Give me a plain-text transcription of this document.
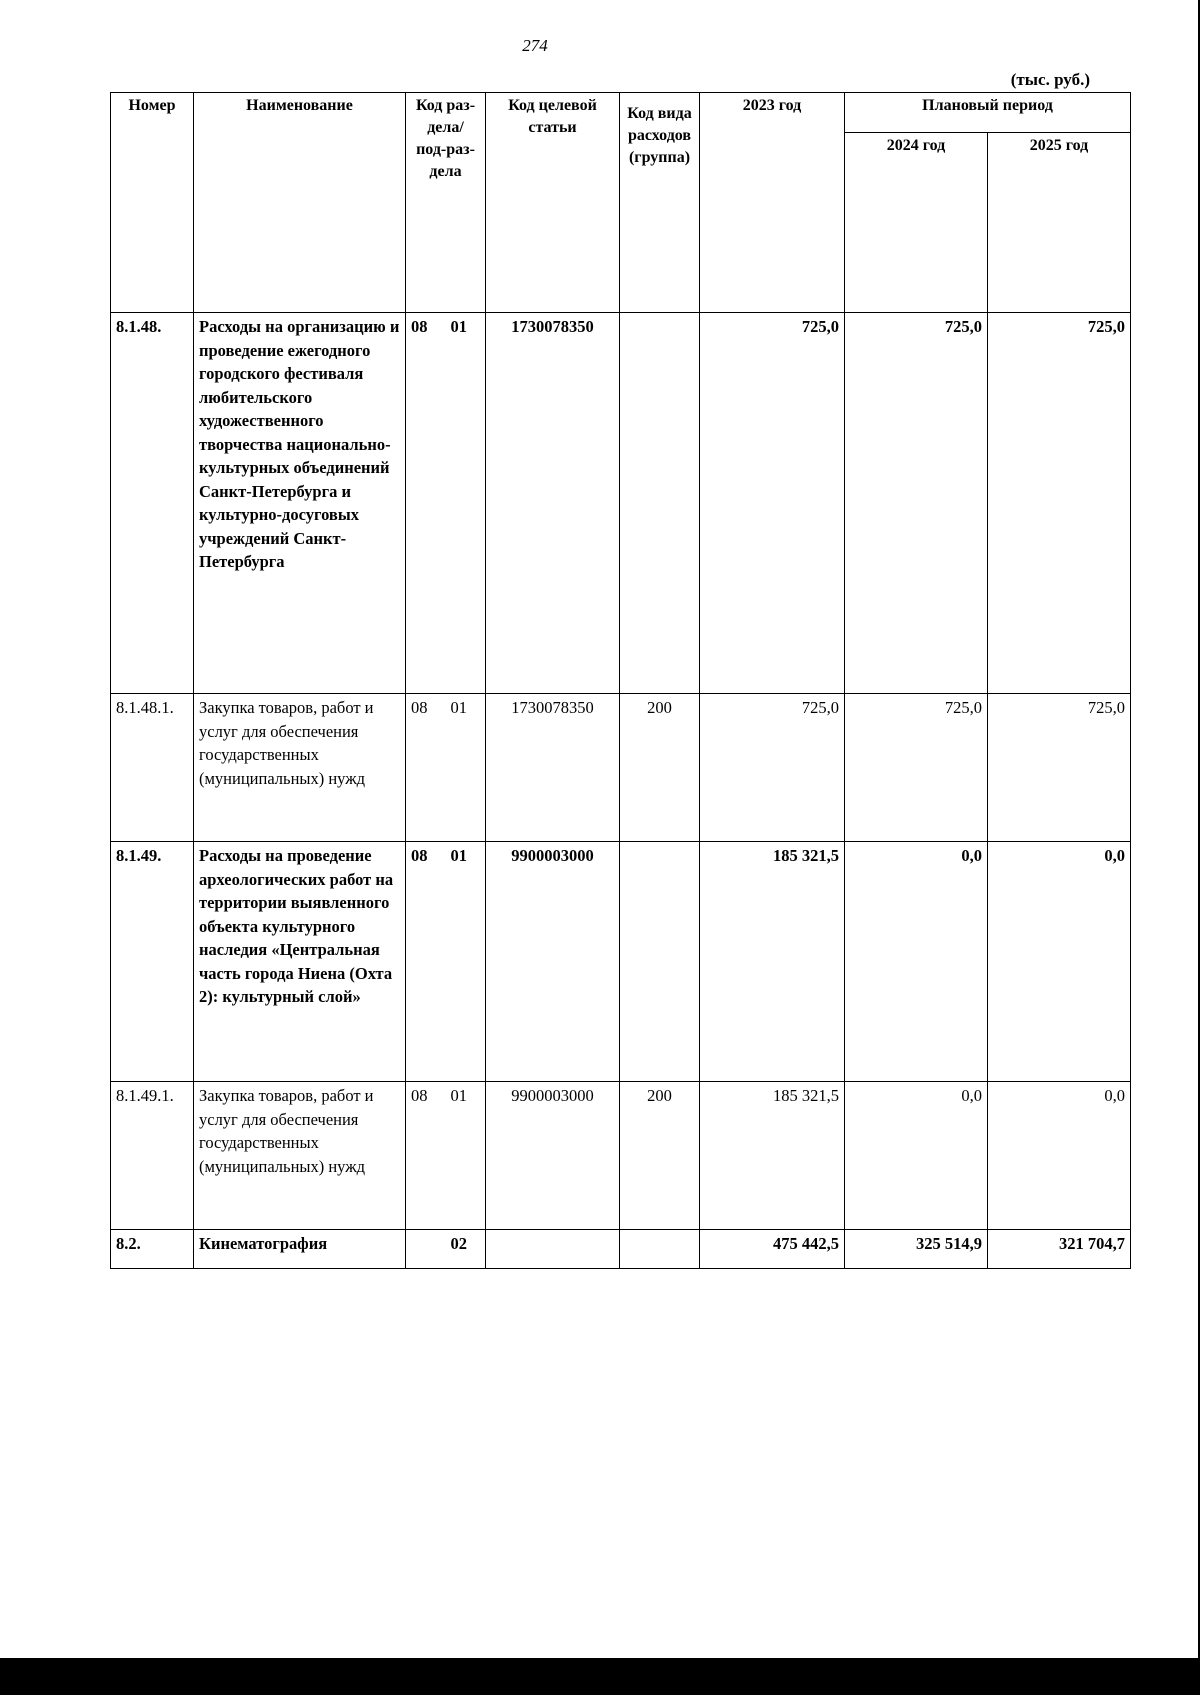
274
(тыс. руб.)
Номер	Наименование	Код раз-дела/ под-раз-дела	Код целевой статьи	Код вида расходов (группа)	2023 год	Плановый период	
						2024 год	2025 год
8.1.48.	Расходы на организацию и проведение ежегодного городского фестиваля любительского художественного творчества национально-культурных объединений Санкт-Петербурга и культурно-досуговых учреждений Санкт-Петербурга	08 01	1730078350		725,0	725,0	725,0
8.1.48.1.	Закупка товаров, работ и услуг для обеспечения государственных (муниципальных) нужд	08 01	1730078350	200	725,0	725,0	725,0
8.1.49.	Расходы на проведение археологических работ на территории выявленного объекта культурного наследия «Центральная часть города Ниена (Охта 2): культурный слой»	08 01	9900003000		185 321,5	0,0	0,0
8.1.49.1.	Закупка товаров, работ и услуг для обеспечения государственных (муниципальных) нужд	08 01	9900003000	200	185 321,5	0,0	0,0
8.2.	Кинематография	02			475 442,5	325 514,9	321 704,7
